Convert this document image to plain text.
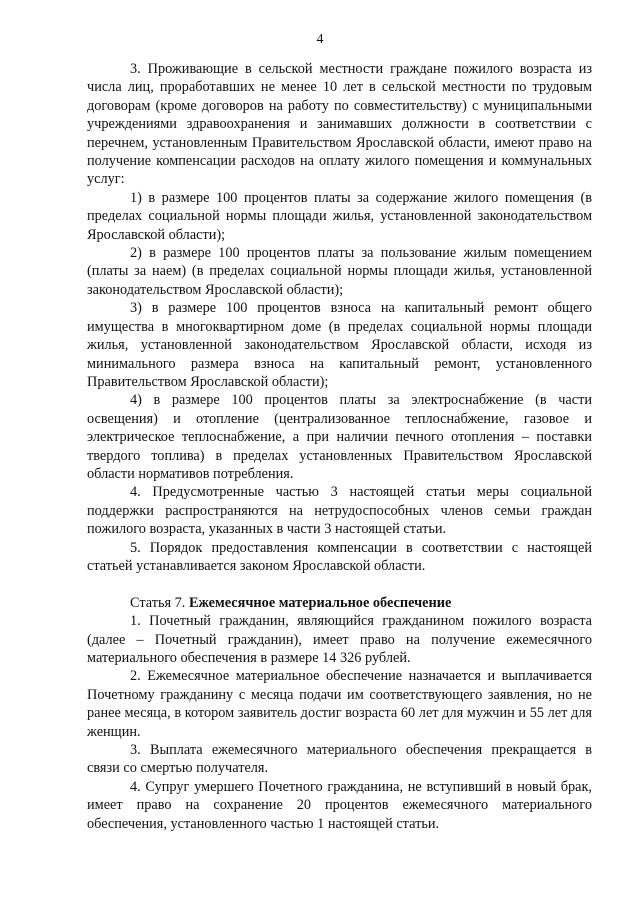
4

3. Проживающие в сельской местности граждане пожилого возраста из числа лиц, проработавших не менее 10 лет в сельской местности по трудовым договорам (кроме договоров на работу по совместительству) с муниципальными учреждениями здравоохранения и занимавших должности в соответствии с перечнем, установленным Правительством Ярославской области, имеют право на получение компенсации расходов на оплату жилого помещения и коммунальных услуг:

1) в размере 100 процентов платы за содержание жилого помещения (в пределах социальной нормы площади жилья, установленной законодательством Ярославской области);

2) в размере 100 процентов платы за пользование жилым помещением (платы за наем) (в пределах социальной нормы площади жилья, установленной законодательством Ярославской области);

3) в размере 100 процентов взноса на капитальный ремонт общего имущества в многоквартирном доме (в пределах социальной нормы площади жилья, установленной законодательством Ярославской области, исходя из минимального размера взноса на капитальный ремонт, установленного Правительством Ярославской области);

4) в размере 100 процентов платы за электроснабжение (в части освещения) и отопление (централизованное теплоснабжение, газовое и электрическое теплоснабжение, а при наличии печного отопления – поставки твердого топлива) в пределах установленных Правительством Ярославской области нормативов потребления.

4. Предусмотренные частью 3 настоящей статьи меры социальной поддержки распространяются на нетрудоспособных членов семьи граждан пожилого возраста, указанных в части 3 настоящей статьи.

5. Порядок предоставления компенсации в соответствии с настоящей статьей устанавливается законом Ярославской области.

Статья 7. Ежемесячное материальное обеспечение

1. Почетный гражданин, являющийся гражданином пожилого возраста (далее – Почетный гражданин), имеет право на получение ежемесячного материального обеспечения в размере 14 326 рублей.

2. Ежемесячное материальное обеспечение назначается и выплачивается Почетному гражданину с месяца подачи им соответствующего заявления, но не ранее месяца, в котором заявитель достиг возраста 60 лет для мужчин и 55 лет для женщин.

3. Выплата ежемесячного материального обеспечения прекращается в связи со смертью получателя.

4. Супруг умершего Почетного гражданина, не вступивший в новый брак, имеет право на сохранение 20 процентов ежемесячного материального обеспечения, установленного частью 1 настоящей статьи.
